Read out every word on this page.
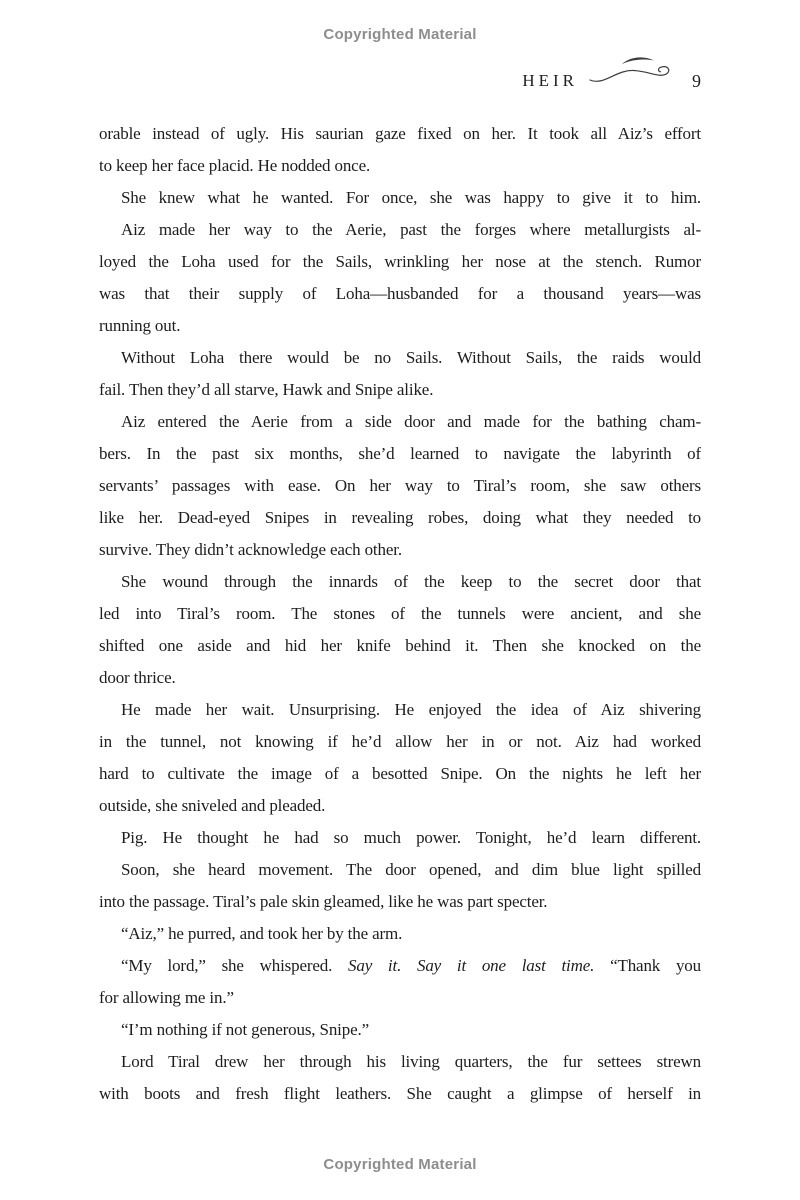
Copyrighted Material
HEIR	9
orable instead of ugly. His saurian gaze fixed on her. It took all Aiz’s effort
to keep her face placid. He nodded once.
She knew what he wanted. For once, she was happy to give it to him.
Aiz made her way to the Aerie, past the forges where metallurgists al-
loyed the Loha used for the Sails, wrinkling her nose at the stench. Rumor
was that their supply of Loha—husbanded for a thousand years—was
running out.
Without Loha there would be no Sails. Without Sails, the raids would
fail. Then they’d all starve, Hawk and Snipe alike.
Aiz entered the Aerie from a side door and made for the bathing cham-
bers. In the past six months, she’d learned to navigate the labyrinth of
servants’ passages with ease. On her way to Tiral’s room, she saw others
like her. Dead-eyed Snipes in revealing robes, doing what they needed to
survive. They didn’t acknowledge each other.
She wound through the innards of the keep to the secret door that
led into Tiral’s room. The stones of the tunnels were ancient, and she
shifted one aside and hid her knife behind it. Then she knocked on the
door thrice.
He made her wait. Unsurprising. He enjoyed the idea of Aiz shivering
in the tunnel, not knowing if he’d allow her in or not. Aiz had worked
hard to cultivate the image of a besotted Snipe. On the nights he left her
outside, she sniveled and pleaded.
Pig. He thought he had so much power. Tonight, he’d learn different.
Soon, she heard movement. The door opened, and dim blue light spilled
into the passage. Tiral’s pale skin gleamed, like he was part specter.
“Aiz,” he purred, and took her by the arm.
“My lord,” she whispered. Say it. Say it one last time. “Thank you
for allowing me in.”
“I’m nothing if not generous, Snipe.”
Lord Tiral drew her through his living quarters, the fur settees strewn
with boots and fresh flight leathers. She caught a glimpse of herself in
Copyrighted Material
